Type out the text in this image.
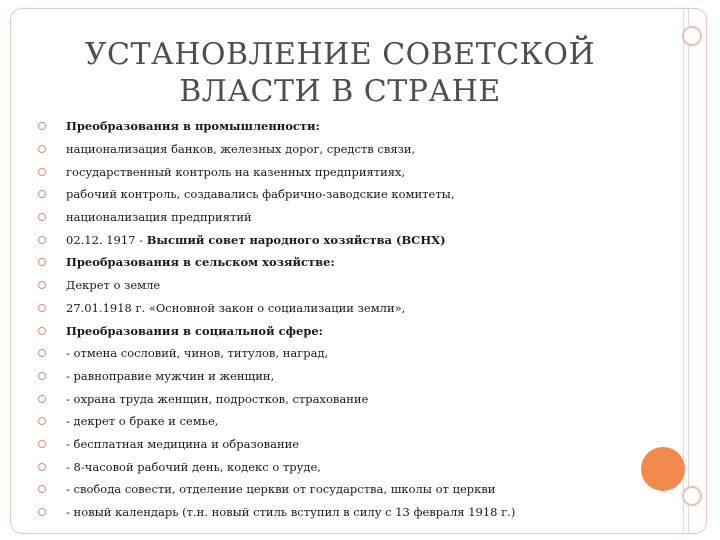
УСТАНОВЛЕНИЕ СОВЕТСКОЙ ВЛАСТИ В СТРАНЕ
Преобразования в промышленности:
национализация банков, железных дорог, средств связи,
государственный контроль на казенных предприятиях,
рабочий контроль, создавались фабрично-заводские комитеты,
национализация предприятий
02.12. 1917 - Высший совет народного хозяйства (ВСНХ)
Преобразования в сельском хозяйстве:
Декрет о земле
27.01.1918 г. «Основной закон о социализации земли»,
Преобразования в социальной сфере:
- отмена сословий, чинов, титулов, наград,
- равноправие мужчин и женщин,
- охрана труда женщин, подростков, страхование
- декрет о браке и семье,
- бесплатная медицина и образование
- 8-часовой рабочий день, кодекс о труде,
- свобода совести, отделение церкви от государства, школы от церкви
- новый календарь (т.н. новый стиль вступил в силу с 13 февраля 1918 г.)
